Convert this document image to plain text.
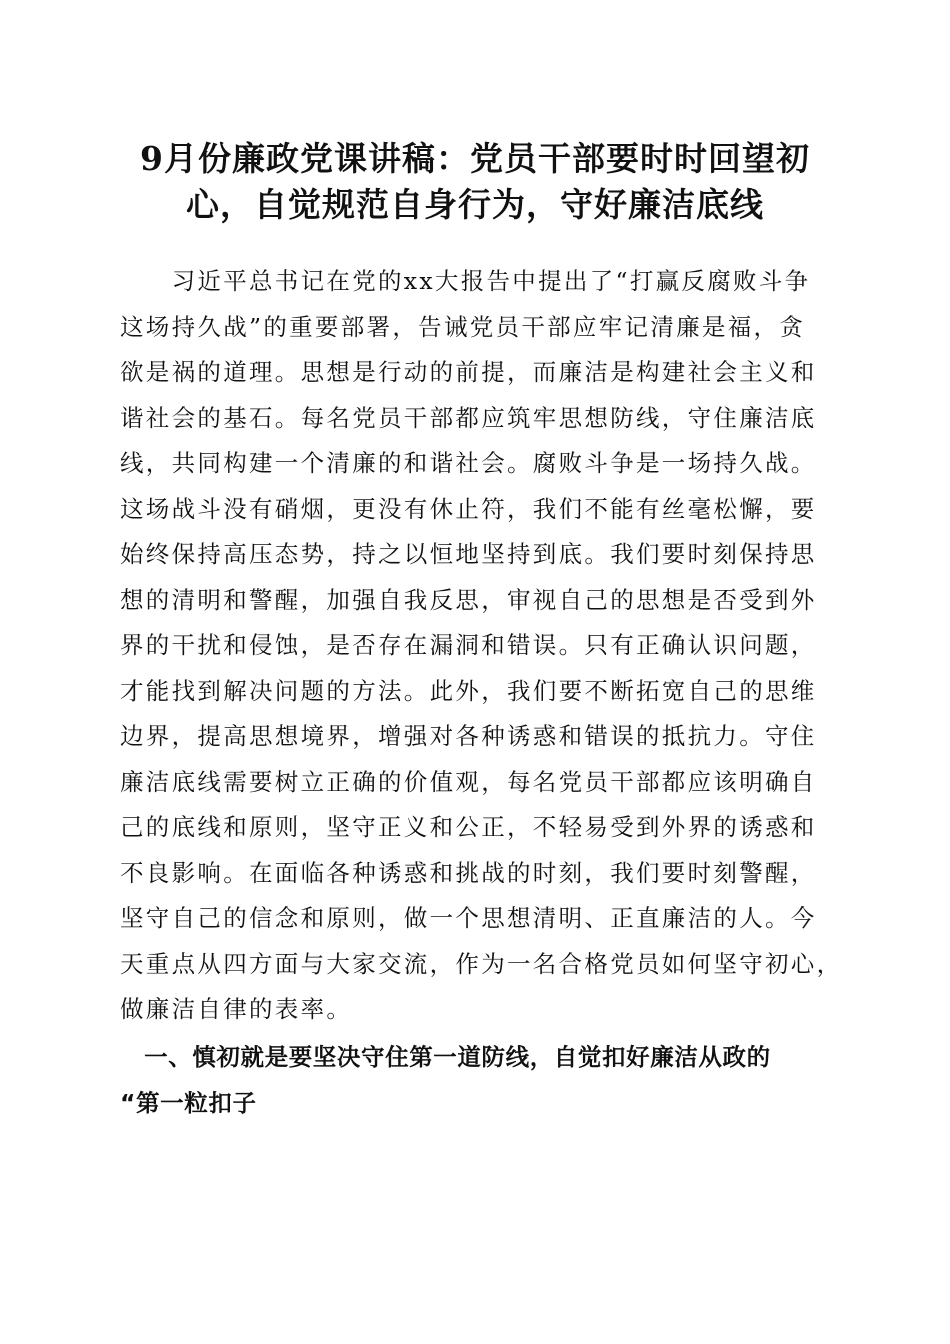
9月份廉政党课讲稿：党员干部要时时回望初
心，自觉规范自身行为，守好廉洁底线
　　习近平总书记在党的xx大报告中提出了“打赢反腐败斗争
这场持久战”的重要部署，告诫党员干部应牢记清廉是福，贪
欲是祸的道理。思想是行动的前提，而廉洁是构建社会主义和
谐社会的基石。每名党员干部都应筑牢思想防线，守住廉洁底
线，共同构建一个清廉的和谐社会。腐败斗争是一场持久战。
这场战斗没有硝烟，更没有休止符，我们不能有丝毫松懈，要
始终保持高压态势，持之以恒地坚持到底。我们要时刻保持思
想的清明和警醒，加强自我反思，审视自己的思想是否受到外
界的干扰和侵蚀，是否存在漏洞和错误。只有正确认识问题，
才能找到解决问题的方法。此外，我们要不断拓宽自己的思维
边界，提高思想境界，增强对各种诱惑和错误的抵抗力。守住
廉洁底线需要树立正确的价值观，每名党员干部都应该明确自
己的底线和原则，坚守正义和公正，不轻易受到外界的诱惑和
不良影响。在面临各种诱惑和挑战的时刻，我们要时刻警醒，
坚守自己的信念和原则，做一个思想清明、正直廉洁的人。今
天重点从四方面与大家交流，作为一名合格党员如何坚守初心，
做廉洁自律的表率。
　一、慎初就是要坚决守住第一道防线，自觉扣好廉洁从政的
“第一粒扣子
